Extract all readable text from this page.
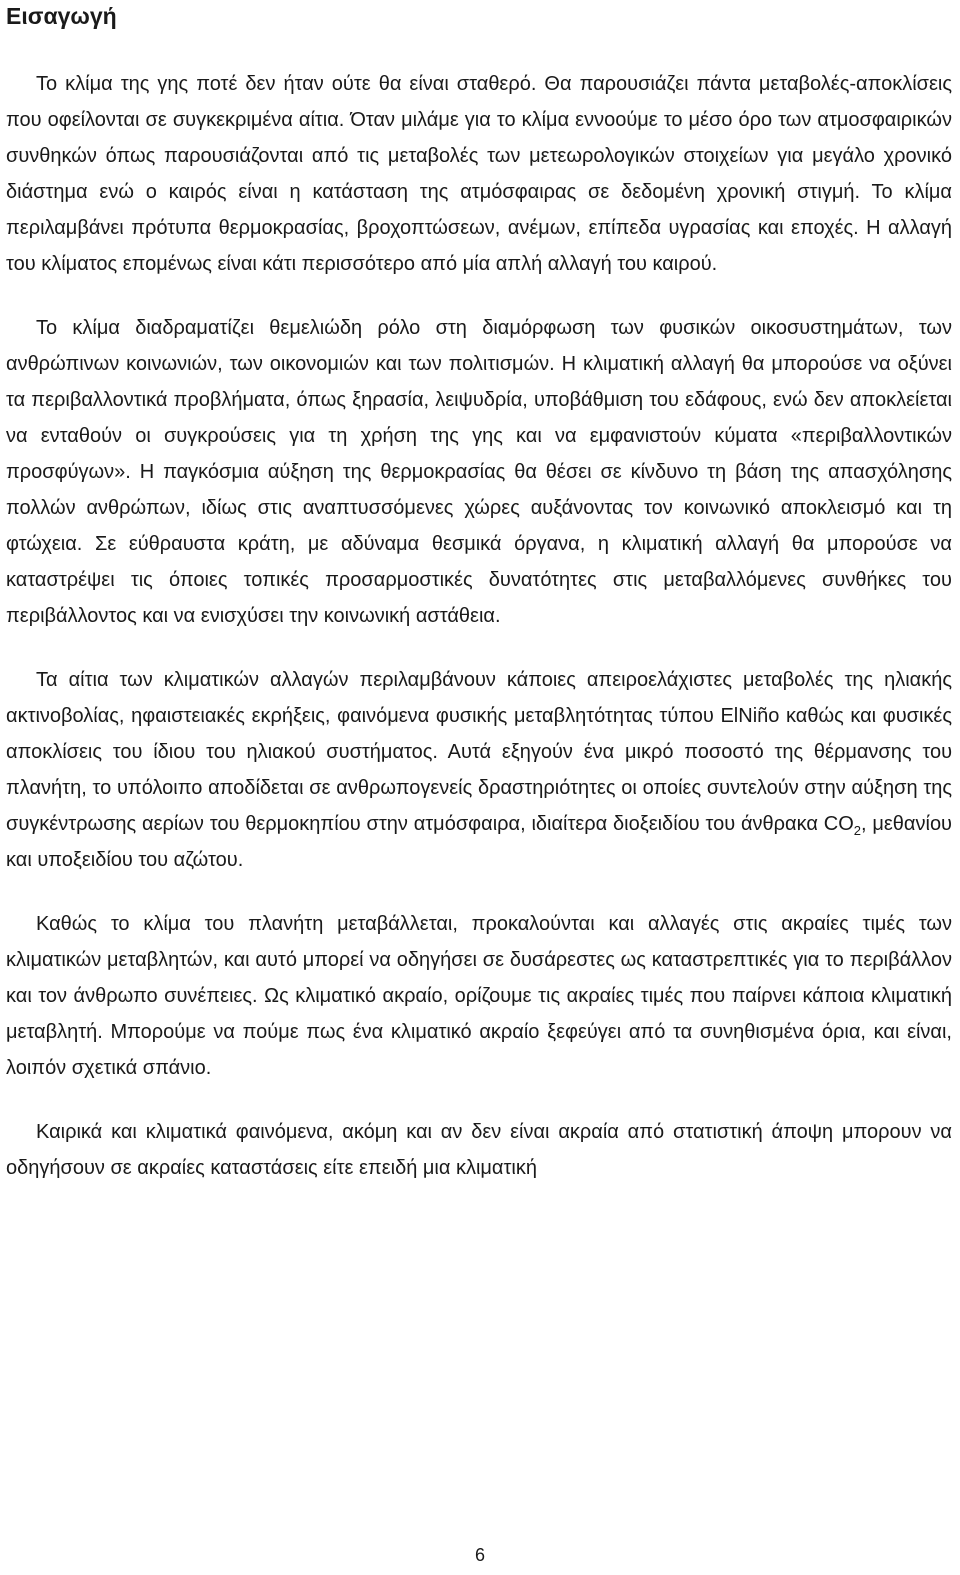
Εισαγωγή

Το κλίμα της γης ποτέ δεν ήταν ούτε θα είναι σταθερό. Θα παρουσιάζει πάντα μεταβολές-αποκλίσεις που οφείλονται σε συγκεκριμένα αίτια. Όταν μιλάμε για το κλίμα εννοούμε το μέσο όρο των ατμοσφαιρικών συνθηκών όπως παρουσιάζονται από τις μεταβολές των μετεωρολογικών στοιχείων για μεγάλο χρονικό διάστημα ενώ ο καιρός είναι η κατάσταση της ατμόσφαιρας σε δεδομένη χρονική στιγμή. Το κλίμα περιλαμβάνει πρότυπα θερμοκρασίας, βροχοπτώσεων, ανέμων, επίπεδα υγρασίας και εποχές. Η αλλαγή του κλίματος επομένως είναι κάτι περισσότερο από μία απλή αλλαγή του καιρού.

Το κλίμα διαδραματίζει θεμελιώδη ρόλο στη διαμόρφωση των φυσικών οικοσυστημάτων, των ανθρώπινων κοινωνιών, των οικονομιών και των πολιτισμών. Η κλιματική αλλαγή θα μπορούσε να οξύνει τα περιβαλλοντικά προβλήματα, όπως ξηρασία, λειψυδρία, υποβάθμιση του εδάφους, ενώ δεν αποκλείεται να ενταθούν οι συγκρούσεις για τη χρήση της γης και να εμφανιστούν κύματα «περιβαλλοντικών προσφύγων». Η παγκόσμια αύξηση της θερμοκρασίας θα θέσει σε κίνδυνο τη βάση της απασχόλησης πολλών ανθρώπων, ιδίως στις αναπτυσσόμενες χώρες αυξάνοντας τον κοινωνικό αποκλεισμό και τη φτώχεια. Σε εύθραυστα κράτη, με αδύναμα θεσμικά όργανα, η κλιματική αλλαγή θα μπορούσε να καταστρέψει τις όποιες τοπικές προσαρμοστικές δυνατότητες στις μεταβαλλόμενες συνθήκες του περιβάλλοντος και να ενισχύσει την κοινωνική αστάθεια.

Τα αίτια των κλιματικών αλλαγών περιλαμβάνουν κάποιες απειροελάχιστες μεταβολές της ηλιακής ακτινοβολίας, ηφαιστειακές εκρήξεις, φαινόμενα φυσικής μεταβλητότητας τύπου ElNiño καθώς και φυσικές αποκλίσεις του ίδιου του ηλιακού συστήματος. Αυτά εξηγούν ένα μικρό ποσοστό της θέρμανσης του πλανήτη, το υπόλοιπο αποδίδεται σε ανθρωπογενείς δραστηριότητες οι οποίες συντελούν στην αύξηση της συγκέντρωσης αερίων του θερμοκηπίου στην ατμόσφαιρα, ιδιαίτερα διοξειδίου του άνθρακα $CO_2$, μεθανίου και υποξειδίου του αζώτου.

Καθώς το κλίμα του πλανήτη μεταβάλλεται, προκαλούνται και αλλαγές στις ακραίες τιμές των κλιματικών μεταβλητών, και αυτό μπορεί να οδηγήσει σε δυσάρεστες ως καταστρεπτικές για το περιβάλλον και τον άνθρωπο συνέπειες. Ως κλιματικό ακραίο, ορίζουμε τις ακραίες τιμές που παίρνει κάποια κλιματική μεταβλητή. Μπορούμε να πούμε πως ένα κλιματικό ακραίο ξεφεύγει από τα συνηθισμένα όρια, και είναι, λοιπόν σχετικά σπάνιο.

Καιρικά και κλιματικά φαινόμενα, ακόμη και αν δεν είναι ακραία από στατιστική άποψη μπορουν να οδηγήσουν σε ακραίες καταστάσεις είτε επειδή μια κλιματική

6
